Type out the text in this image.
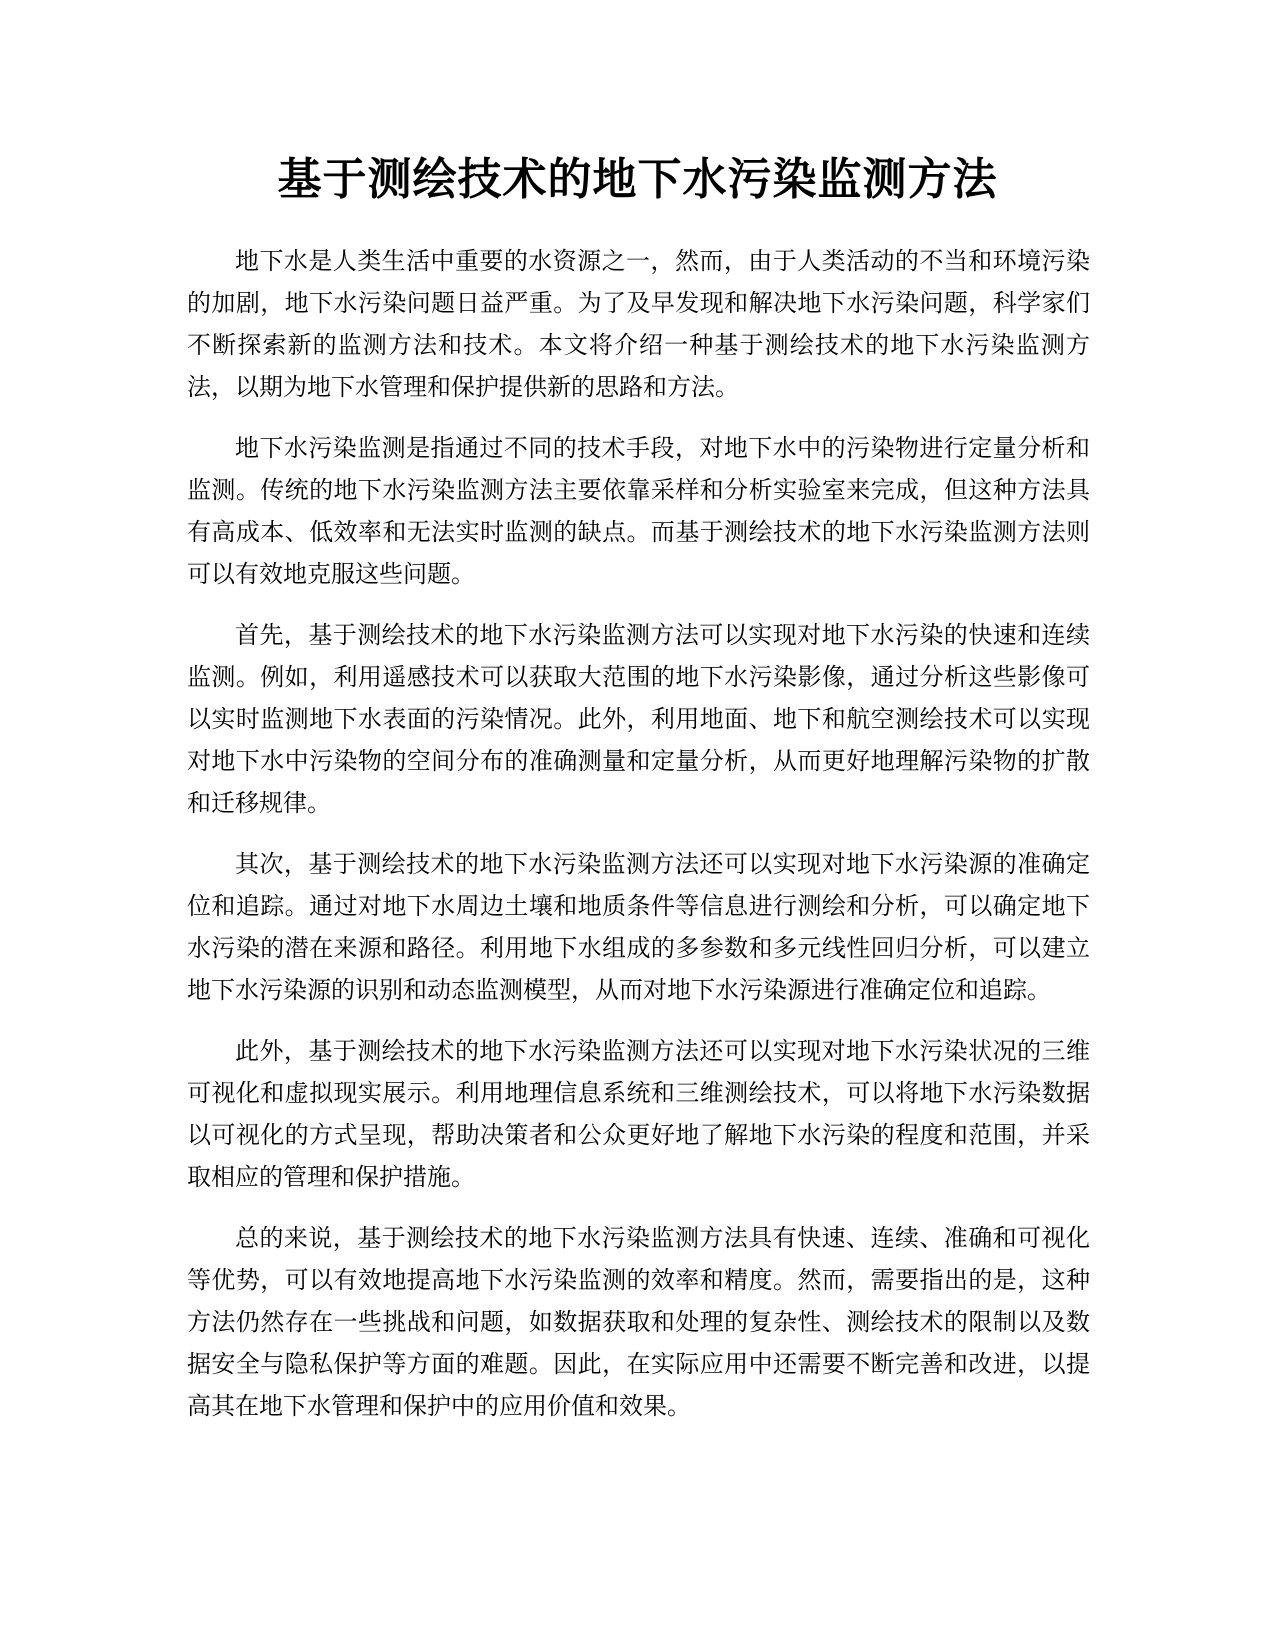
基于测绘技术的地下水污染监测方法

地下水是人类生活中重要的水资源之一，然而，由于人类活动的不当和环境污染的加剧，地下水污染问题日益严重。为了及早发现和解决地下水污染问题，科学家们不断探索新的监测方法和技术。本文将介绍一种基于测绘技术的地下水污染监测方法，以期为地下水管理和保护提供新的思路和方法。

地下水污染监测是指通过不同的技术手段，对地下水中的污染物进行定量分析和监测。传统的地下水污染监测方法主要依靠采样和分析实验室来完成，但这种方法具有高成本、低效率和无法实时监测的缺点。而基于测绘技术的地下水污染监测方法则可以有效地克服这些问题。

首先，基于测绘技术的地下水污染监测方法可以实现对地下水污染的快速和连续监测。例如，利用遥感技术可以获取大范围的地下水污染影像，通过分析这些影像可以实时监测地下水表面的污染情况。此外，利用地面、地下和航空测绘技术可以实现对地下水中污染物的空间分布的准确测量和定量分析，从而更好地理解污染物的扩散和迁移规律。

其次，基于测绘技术的地下水污染监测方法还可以实现对地下水污染源的准确定位和追踪。通过对地下水周边土壤和地质条件等信息进行测绘和分析，可以确定地下水污染的潜在来源和路径。利用地下水组成的多参数和多元线性回归分析，可以建立地下水污染源的识别和动态监测模型，从而对地下水污染源进行准确定位和追踪。

此外，基于测绘技术的地下水污染监测方法还可以实现对地下水污染状况的三维可视化和虚拟现实展示。利用地理信息系统和三维测绘技术，可以将地下水污染数据以可视化的方式呈现，帮助决策者和公众更好地了解地下水污染的程度和范围，并采取相应的管理和保护措施。

总的来说，基于测绘技术的地下水污染监测方法具有快速、连续、准确和可视化等优势，可以有效地提高地下水污染监测的效率和精度。然而，需要指出的是，这种方法仍然存在一些挑战和问题，如数据获取和处理的复杂性、测绘技术的限制以及数据安全与隐私保护等方面的难题。因此，在实际应用中还需要不断完善和改进，以提高其在地下水管理和保护中的应用价值和效果。
